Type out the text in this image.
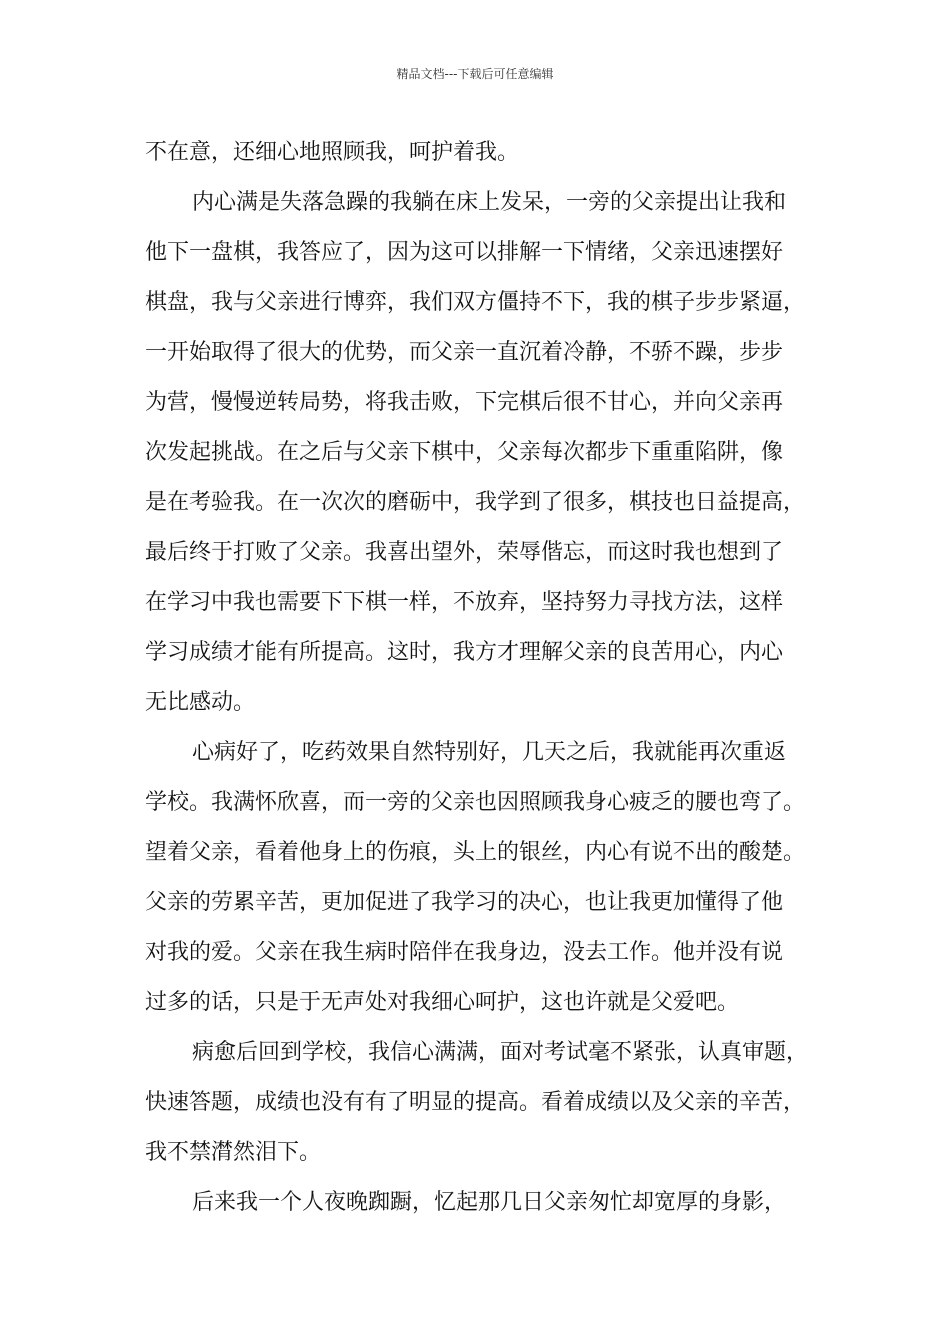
精品文档---下载后可任意编辑
不在意，还细心地照顾我，呵护着我。
内心满是失落急躁的我躺在床上发呆，一旁的父亲提出让我和
他下一盘棋，我答应了，因为这可以排解一下情绪，父亲迅速摆好
棋盘，我与父亲进行博弈，我们双方僵持不下，我的棋子步步紧逼，
一开始取得了很大的优势，而父亲一直沉着冷静，不骄不躁，步步
为营，慢慢逆转局势，将我击败，下完棋后很不甘心，并向父亲再
次发起挑战。在之后与父亲下棋中，父亲每次都步下重重陷阱，像
是在考验我。在一次次的磨砺中，我学到了很多，棋技也日益提高，
最后终于打败了父亲。我喜出望外，荣辱偕忘，而这时我也想到了
在学习中我也需要下下棋一样，不放弃，坚持努力寻找方法，这样
学习成绩才能有所提高。这时，我方才理解父亲的良苦用心，内心
无比感动。
心病好了，吃药效果自然特别好，几天之后，我就能再次重返
学校。我满怀欣喜，而一旁的父亲也因照顾我身心疲乏的腰也弯了。
望着父亲，看着他身上的伤痕，头上的银丝，内心有说不出的酸楚。
父亲的劳累辛苦，更加促进了我学习的决心，也让我更加懂得了他
对我的爱。父亲在我生病时陪伴在我身边，没去工作。他并没有说
过多的话，只是于无声处对我细心呵护，这也许就是父爱吧。
病愈后回到学校，我信心满满，面对考试毫不紧张，认真审题，
快速答题，成绩也没有有了明显的提高。看着成绩以及父亲的辛苦，
我不禁潸然泪下。
后来我一个人夜晚踟蹰，忆起那几日父亲匆忙却宽厚的身影，
